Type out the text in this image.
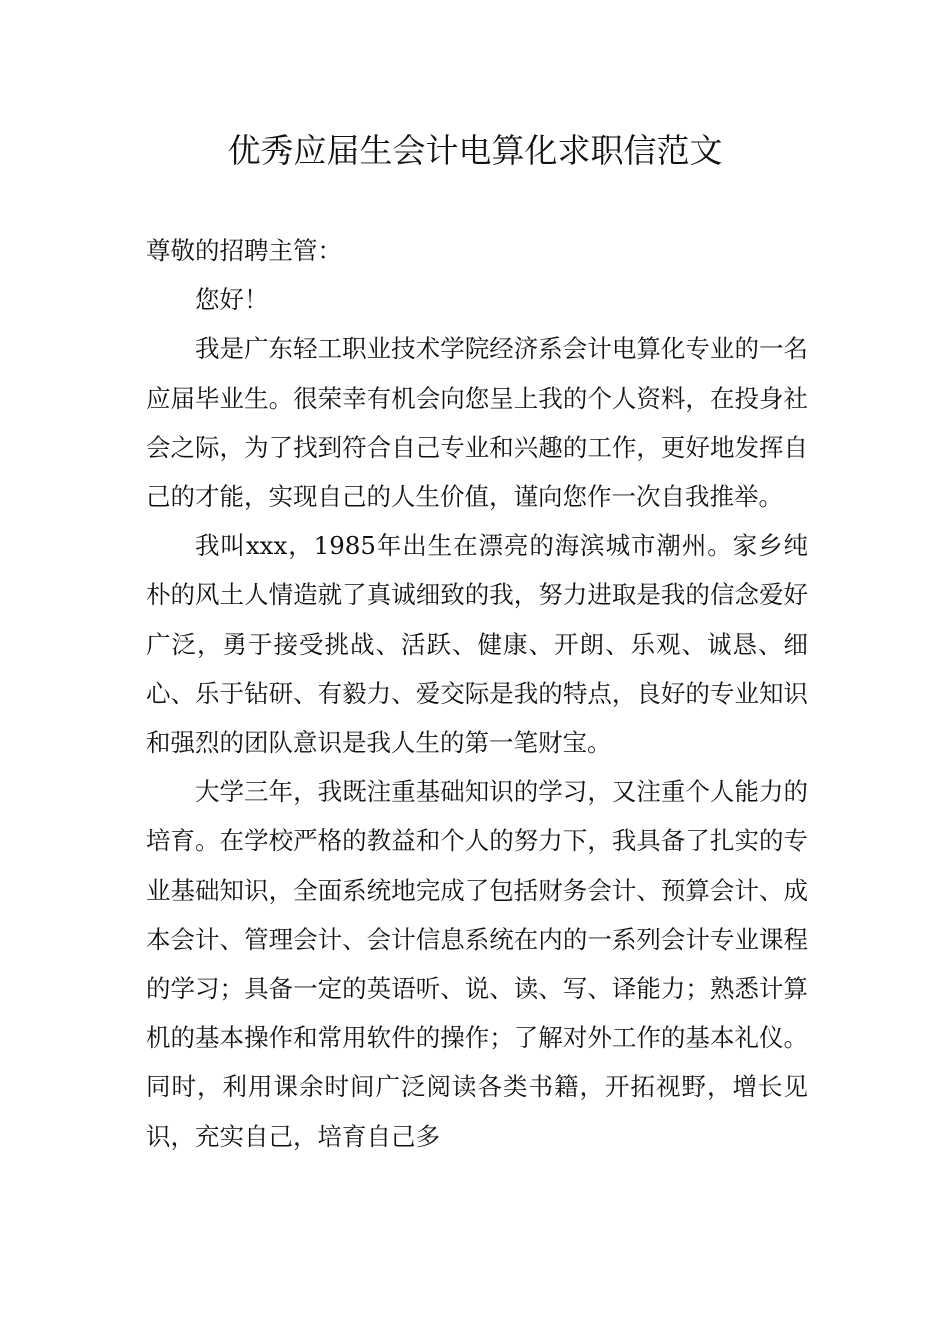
优秀应届生会计电算化求职信范文

尊敬的招聘主管：

您好！

我是广东轻工职业技术学院经济系会计电算化专业的一名应届毕业生。很荣幸有机会向您呈上我的个人资料，在投身社会之际，为了找到符合自己专业和兴趣的工作，更好地发挥自己的才能，实现自己的人生价值，谨向您作一次自我推举。

我叫xxx，1985年出生在漂亮的海滨城市潮州。家乡纯朴的风土人情造就了真诚细致的我，努力进取是我的信念爱好广泛，勇于接受挑战、活跃、健康、开朗、乐观、诚恳、细心、乐于钻研、有毅力、爱交际是我的特点，良好的专业知识和强烈的团队意识是我人生的第一笔财宝。

大学三年，我既注重基础知识的学习，又注重个人能力的培育。在学校严格的教益和个人的努力下，我具备了扎实的专业基础知识，全面系统地完成了包括财务会计、预算会计、成本会计、管理会计、会计信息系统在内的一系列会计专业课程的学习；具备一定的英语听、说、读、写、译能力；熟悉计算机的基本操作和常用软件的操作；了解对外工作的基本礼仪。同时，利用课余时间广泛阅读各类书籍，开拓视野，增长见识，充实自己，培育自己多
